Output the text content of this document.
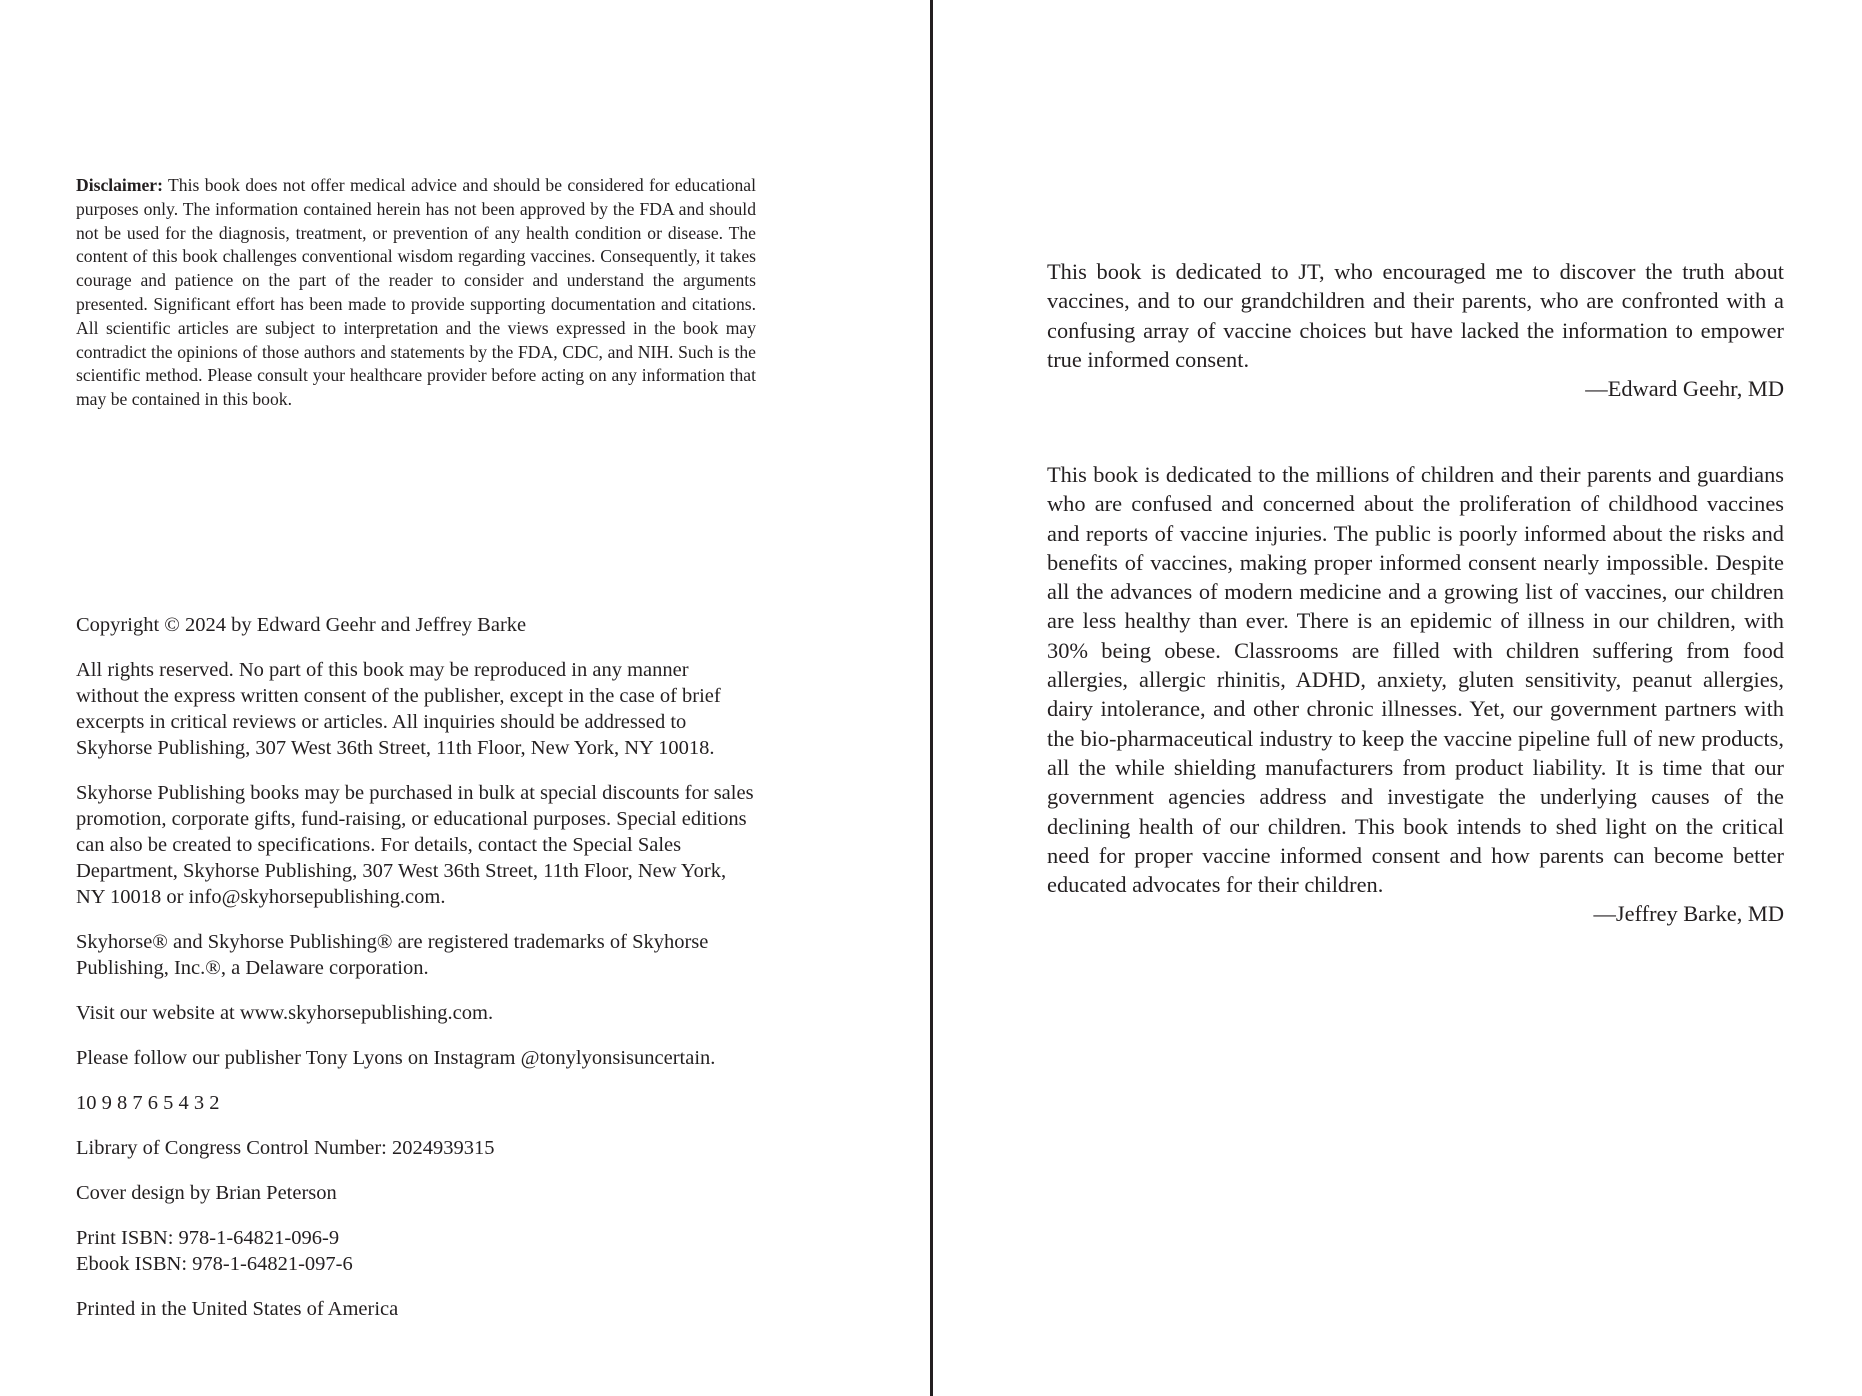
Disclaimer: This book does not offer medical advice and should be considered for educational purposes only. The information contained herein has not been approved by the FDA and should not be used for the diagnosis, treatment, or prevention of any health condition or disease. The content of this book challenges conventional wisdom regarding vaccines. Consequently, it takes courage and patience on the part of the reader to consider and understand the arguments presented. Significant effort has been made to provide supporting documentation and citations. All scientific articles are subject to interpretation and the views expressed in the book may contradict the opinions of those authors and statements by the FDA, CDC, and NIH. Such is the scientific method. Please consult your healthcare provider before acting on any information that may be contained in this book.

Copyright © 2024 by Edward Geehr and Jeffrey Barke

All rights reserved. No part of this book may be reproduced in any manner without the express written consent of the publisher, except in the case of brief excerpts in critical reviews or articles. All inquiries should be addressed to Skyhorse Publishing, 307 West 36th Street, 11th Floor, New York, NY 10018.

Skyhorse Publishing books may be purchased in bulk at special discounts for sales promotion, corporate gifts, fund-raising, or educational purposes. Special editions can also be created to specifications. For details, contact the Special Sales Department, Skyhorse Publishing, 307 West 36th Street, 11th Floor, New York, NY 10018 or info@skyhorsepublishing.com.

Skyhorse® and Skyhorse Publishing® are registered trademarks of Skyhorse Publishing, Inc.®, a Delaware corporation.

Visit our website at www.skyhorsepublishing.com.

Please follow our publisher Tony Lyons on Instagram @tonylyonsisuncertain.

10 9 8 7 6 5 4 3 2

Library of Congress Control Number: 2024939315

Cover design by Brian Peterson

Print ISBN: 978-1-64821-096-9
Ebook ISBN: 978-1-64821-097-6

Printed in the United States of America

This book is dedicated to JT, who encouraged me to discover the truth about vaccines, and to our grandchildren and their parents, who are confronted with a confusing array of vaccine choices but have lacked the information to empower true informed consent.

—Edward Geehr, MD

This book is dedicated to the millions of children and their parents and guardians who are confused and concerned about the proliferation of childhood vaccines and reports of vaccine injuries. The public is poorly informed about the risks and benefits of vaccines, making proper informed consent nearly impossible. Despite all the advances of modern medicine and a growing list of vaccines, our children are less healthy than ever. There is an epidemic of illness in our children, with 30% being obese. Classrooms are filled with children suffering from food allergies, allergic rhinitis, ADHD, anxiety, gluten sensitivity, peanut allergies, dairy intolerance, and other chronic illnesses. Yet, our government partners with the bio-pharmaceutical industry to keep the vaccine pipeline full of new products, all the while shielding manufacturers from product liability. It is time that our government agencies address and investigate the underlying causes of the declining health of our children. This book intends to shed light on the critical need for proper vaccine informed consent and how parents can become better educated advocates for their children.

—Jeffrey Barke, MD
